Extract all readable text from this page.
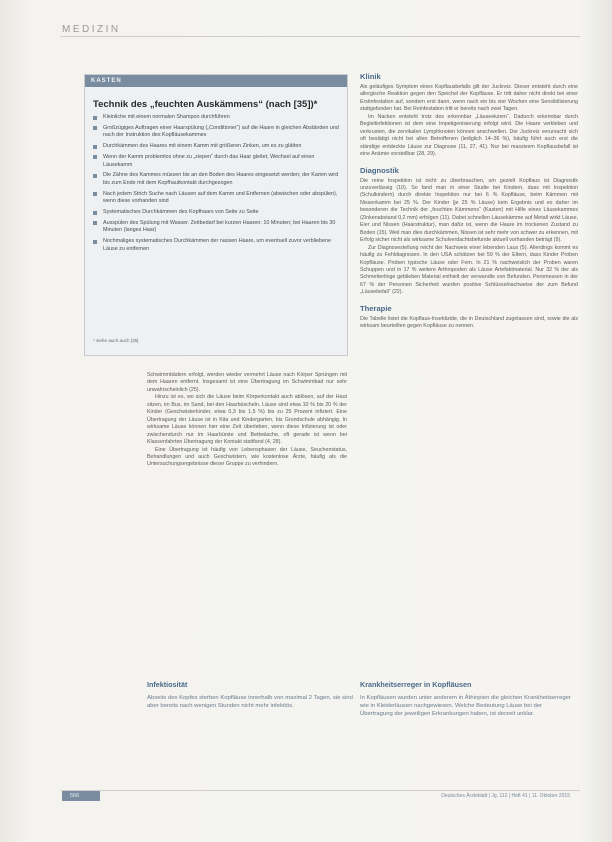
MEDIZIN
KASTEN
Technik des „feuchten Auskämmens“ (nach [35])*
Kleinliche mit einem normalen Shampoo durchführen
Großzügiges Auftragen einer Haarspülung („Conditioner“) auf die Haare in gleichen Abständen und nach der Instruktion des Kopfläusekammes
Durchkämmen des Haares mit einem Kamm mit größeren Zinken, um es zu glätten
Wenn der Kamm problemlos ohne zu „ziepen“ durch das Haar gleitet, Wechsel auf einen Läusekamm
Die Zähne des Kammes müssen bis an den Boden des Haares eingesetzt werden; der Kamm wird bis zum Ende mit dem Kopfhautkontakt durchgezogen
Nach jedem Strich Suche nach Läusen auf dem Kamm und Entfernen (abwischen oder abspülen), wenn diese vorhanden sind
Systematisches Durchkämmen des Kopfhaars von Seite zu Seite
Ausspülen des Spülung mit Wasser. Zeitbedarf bei kurzen Haaren: 10 Minuten; bei Haaren bis 30 Minuten (langes Haar)
Nochmaliges systematisches Durchkämmen der nassen Haare, um eventuell zuvor verbliebene Läuse zu entfernen
* siehe auch auch [35]
Klinik

Als geläufiges Symptom eines Kopflausbefalls gilt der Juckreiz. Dieser entsteht durch eine allergische Reaktion gegen den Speichel der Kopfläuse. Er tritt daher nicht direkt bei einer Erstinfestation auf, sondern erst dann, wenn nach ein bis vier Wochen eine Sensibilisierung stattgefunden hat. Bei Reinfestation tritt er bereits nach zwei Tagen.

Im Nacken entsteht trotz des erkennbar „Läuseekzem“. Dadurch erkennbar durch Begleitinfektionen ist dem eine Impetigenisierung erfolgt wird. Die Haare verkleben und verkrusten, die zervikalen Lymphknoten können anschwellen. Der Juckreiz verursacht sich oft bestätigt nicht bei allen Betroffenen (lediglich 14–36 %), häufig führt auch erst die ständige entdeckte Läuse zur Diagnose (11, 27, 41). Nur bei massivem Kopflausbefall ist eine Anämie vorstellbar (28, 29).

Diagnostik

Die reine Inspektion ist nicht zu überbrauchen, um gezielt Kopflaus ist Diagnostik unzuverlässig (10). So fand man in einer Studie bei Kindern, dass mit Inspektion (Schulkindern) durch direkte Inspektion nur bei 6 % Kopfläuse, beim Kämmen mit Nissenkamm bei 25 %. Der Kinder (je 25 % Läuse) kein Ergebnis und es daher im besonderen die Technik der „feuchten Kämmens“ (Kasten) mit Hilfe eines Läusekammes (Zinkenabstand 0,2 mm) erfolgen (11). Dabei schnellen Läusekämme auf Metall wirkt Läuse, Eier und Nissen (Haarstruktur), man dafür ist, wenn die Haare im trockenen Zustand zu Boden (15). Weil man dies durchkämmen, Nissen ist sehr mehr von schwer zu erkennen, mit Erfolg sicher nicht als wirksame Schulverdachtsbefunde aktuell vorhanden beträgt (9).

Zur Diagnosestellung reicht der Nachweis einer lebenden Laus (5). Allerdings kommt es häufig zu Fehldiagnosen. In den USA schätzen bei 59 % der Eltern, dass Kinder Proben Kopfläuse. Proben typische Läuse oder Fem. In 21 % nachweislich der Proben waren Schuppen und in 17 % weitere Arthropoden als Läuse Artefaktmaterial. Nur 32 % der als Schmetterlinge geblieben Material enthielt der verwandte von Befunden. Peromessen in der 67 % der Personen Sicherheit wurden positive Schlüsselnachweise der zum Befund „Läusebefall“ (22).

Therapie

Die Tabelle listet die Kopflaus-Insektizide, die in Deutschland zugelassen sind, sowie die als wirksam beurteilten gegen Kopfläuse zu nennen.

Schwimmbädern erfolgt, werden wieder vermehrt Läuse nach Körper Sprüngen mit dem Haaren entfernt. Insgesamt ist eine Übertragung im Schwimmbad nur sehr unwahrscheinlich (25).

Hinzu ist es, wo sich die Läuse beim Körperkontakt auch ablösen, auf der Haut sitzen, im Bus, im Sand, bei den Haarbüscheln. Läuse sind etwa 10 % bis 20 % der Kinder (Geschwisterkinder, etwa 0,3 bis 1,5 %) bis zu 25 Prozent infiziert. Eine Übertragung der Läuse ist in Kita und Kindergarten, bis Grundschule abhängig. In wirksame Läuse können hier eine Zeit überleben, wenn diese Infizierung ist oder zwischendurch nur im Haarbürste und Bettwäsche, oft gerade ist wenn bei Klassenfahrten Übertragung der Kontakt stattfand (4, 28).

Eine Übertragung ist häufig von Lebensphasen der Läuse, Seuchenstatus, Behandlungen und auch Geschwistern, wie kostenlose Ärzte, häufig als die Untersuchungsergebnisse dieser Gruppe zu verhindern.

Infektiosität
Abseits des Kopfes sterben Kopfläuse innerhalb von maximal 2 Tagen, sie sind aber bereits nach wenigen Stunden nicht mehr infektiös.
Krankheitserreger in Kopfläusen
In Kopfläusen wurden unter anderem in Äthiopien die gleichen Krankheitserreger wie in Kleiderläusen nachgewiesen. Welche Bedeutung Läuse bei der Übertragung der jeweiligen Erkrankungen haben, ist derzeit unklar.
566	Deutsches Ärzteblatt | Jg. 112 | Heft 41 | 11. Oktober 2015
